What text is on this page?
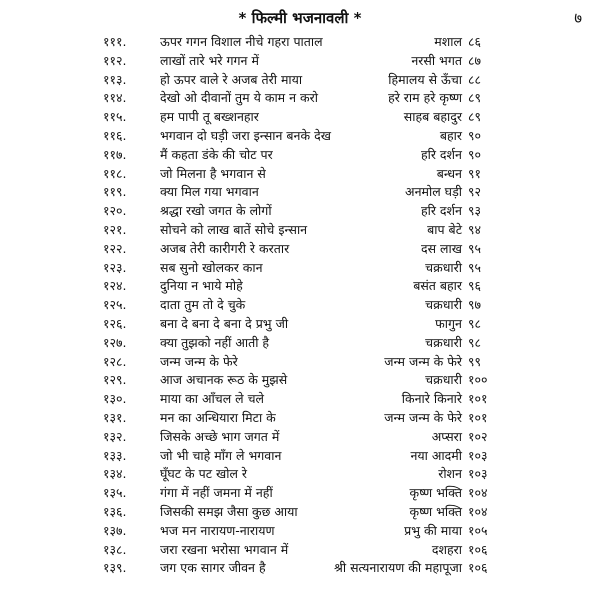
* फिल्मी भजनावली *	७
१११.	ऊपर गगन विशाल नीचे गहरा पाताल	मशाल ८६
११२.	लाखों तारे भरे गगन में	नरसी भगत ८७
११३.	हो ऊपर वाले रे अजब तेरी माया	हिमालय से ऊँचा ८८
११४.	देखो ओ दीवानों तुम ये काम न करो	हरे राम हरे कृष्ण ८९
११५.	हम पापी तू बख्शनहार	साहब बहादुर ८९
११६.	भगवान दो घड़ी जरा इन्सान बनके देख	बहार ९०
११७.	मैं कहता डंके की चोट पर	हरि दर्शन ९०
११८.	जो मिलना है भगवान से	बन्धन ९१
११९.	क्या मिल गया भगवान	अनमोल घड़ी ९२
१२०.	श्रद्धा रखो जगत के लोगों	हरि दर्शन ९३
१२१.	सोचने को लाख बातें सोचे इन्सान	बाप बेटे ९४
१२२.	अजब तेरी कारीगरी रे करतार	दस लाख ९५
१२३.	सब सुनो खोलकर कान	चक्रधारी ९५
१२४.	दुनिया न भाये मोहे	बसंत बहार ९६
१२५.	दाता तुम तो दे चुके	चक्रधारी ९७
१२६.	बना दे बना दे बना दे प्रभु जी	फागुन ९८
१२७.	क्या तुझको नहीं आती है	चक्रधारी ९८
१२८.	जन्म जन्म के फेरे	जन्म जन्म के फेरे ९९
१२९.	आज अचानक रूठ के मुझसे	चक्रधारी १००
१३०.	माया का आँचल ले चले	किनारे किनारे १०१
१३१.	मन का अन्धियारा मिटा के	जन्म जन्म के फेरे १०१
१३२.	जिसके अच्छे भाग जगत में	अप्सरा १०२
१३३.	जो भी चाहे माँग ले भगवान	नया आदमी १०३
१३४.	घूँघट के पट खोल रे	रोशन १०३
१३५.	गंगा में नहीं जमना में नहीं	कृष्ण भक्ति १०४
१३६.	जिसकी समझ जैसा कुछ आया	कृष्ण भक्ति १०४
१३७.	भज मन नारायण-नारायण	प्रभु की माया १०५
१३८.	जरा रखना भरोसा भगवान में	दशहरा १०६
१३९.	जग एक सागर जीवन है	श्री सत्यनारायण की महापूजा १०६
